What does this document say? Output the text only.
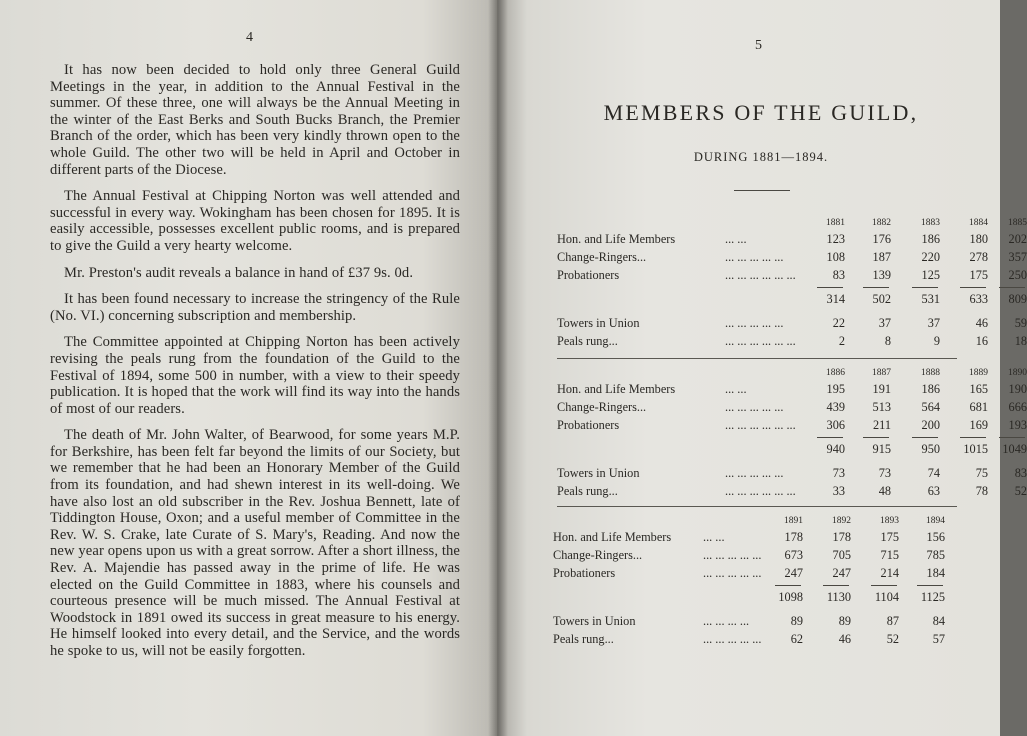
4

It has now been decided to hold only three General Guild Meetings in the year, in addition to the Annual Festival in the summer. Of these three, one will always be the Annual Meeting in the winter of the East Berks and South Bucks Branch, the Premier Branch of the order, which has been very kindly thrown open to the whole Guild. The other two will be held in April and October in different parts of the Diocese.

The Annual Festival at Chipping Norton was well attended and successful in every way. Wokingham has been chosen for 1895. It is easily accessible, possesses excellent public rooms, and is prepared to give the Guild a very hearty welcome.

Mr. Preston's audit reveals a balance in hand of £37 9s. 0d.

It has been found necessary to increase the stringency of the Rule (No. VI.) concerning subscription and membership.

The Committee appointed at Chipping Norton has been actively revising the peals rung from the foundation of the Guild to the Festival of 1894, some 500 in number, with a view to their speedy publication. It is hoped that the work will find its way into the hands of most of our readers.

The death of Mr. John Walter, of Bearwood, for some years M.P. for Berkshire, has been felt far beyond the limits of our Society, but we remember that he had been an Honorary Member of the Guild from its foundation, and had shewn interest in its well-doing. We have also lost an old subscriber in the Rev. Joshua Bennett, late of Tiddington House, Oxon; and a useful member of Committee in the Rev. W. S. Crake, late Curate of S. Mary's, Reading. And now the new year opens upon us with a great sorrow. After a short illness, the Rev. A. Majendie has passed away in the prime of life. He was elected on the Guild Committee in 1883, where his counsels and courteous presence will be much missed. The Annual Festival at Woodstock in 1891 owed its success in great measure to his energy. He himself looked into every detail, and the Service, and the words he spoke to us, will not be easily forgotten.

5
MEMBERS OF THE GUILD,
DURING 1881—1894.
1881	1882	1883	1884	1885
Hon. and Life Members	... ...	123	176	186	180	202
Change-Ringers...	... ... ... ... ...	108	187	220	278	357
Probationers	... ... ... ... ... ...	83	139	125	175	250
314	502	531	633	809
Towers in Union	... ... ... ... ...	22	37	37	46	59
Peals rung...	... ... ... ... ... ...	2	8	9	16	18
1886	1887	1888	1889	1890
Hon. and Life Members	... ...	195	191	186	165	190
Change-Ringers...	... ... ... ... ...	439	513	564	681	666
Probationers	... ... ... ... ... ...	306	211	200	169	193
940	915	950	1015	1049
Towers in Union	... ... ... ... ...	73	73	74	75	83
Peals rung...	... ... ... ... ... ...	33	48	63	78	52
1891	1892	1893	1894
Hon. and Life Members	... ...	178	178	175	156
Change-Ringers...	... ... ... ... ...	673	705	715	785
Probationers	... ... ... ... ...	247	247	214	184
1098	1130	1104	1125
Towers in Union	... ... ... ...	89	89	87	84
Peals rung...	... ... ... ... ...	62	46	52	57
